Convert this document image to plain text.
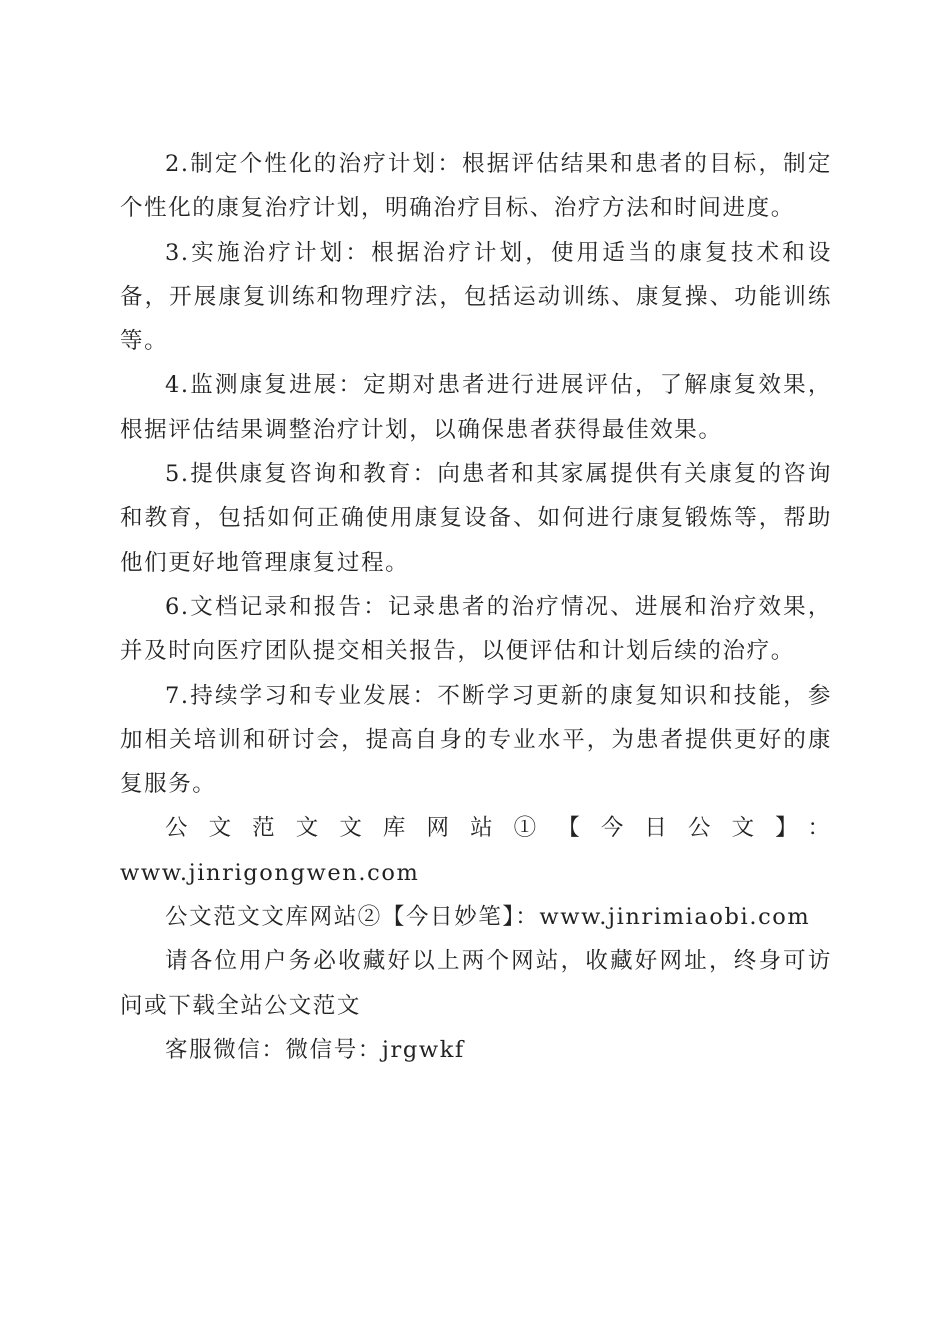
2.制定个性化的治疗计划：根据评估结果和患者的目标，制定个性化的康复治疗计划，明确治疗目标、治疗方法和时间进度。

3.实施治疗计划：根据治疗计划，使用适当的康复技术和设备，开展康复训练和物理疗法，包括运动训练、康复操、功能训练等。

4.监测康复进展：定期对患者进行进展评估，了解康复效果，根据评估结果调整治疗计划，以确保患者获得最佳效果。

5.提供康复咨询和教育：向患者和其家属提供有关康复的咨询和教育，包括如何正确使用康复设备、如何进行康复锻炼等，帮助他们更好地管理康复过程。

6.文档记录和报告：记录患者的治疗情况、进展和治疗效果，并及时向医疗团队提交相关报告，以便评估和计划后续的治疗。

7.持续学习和专业发展：不断学习更新的康复知识和技能，参加相关培训和研讨会，提高自身的专业水平，为患者提供更好的康复服务。

公文范文文库网站①【今日公文】：

www.jinrigongwen.com

公文范文文库网站②【今日妙笔】：www.jinrimiaobi.com

请各位用户务必收藏好以上两个网站，收藏好网址，终身可访问或下载全站公文范文

客服微信：微信号：jrgwkf
